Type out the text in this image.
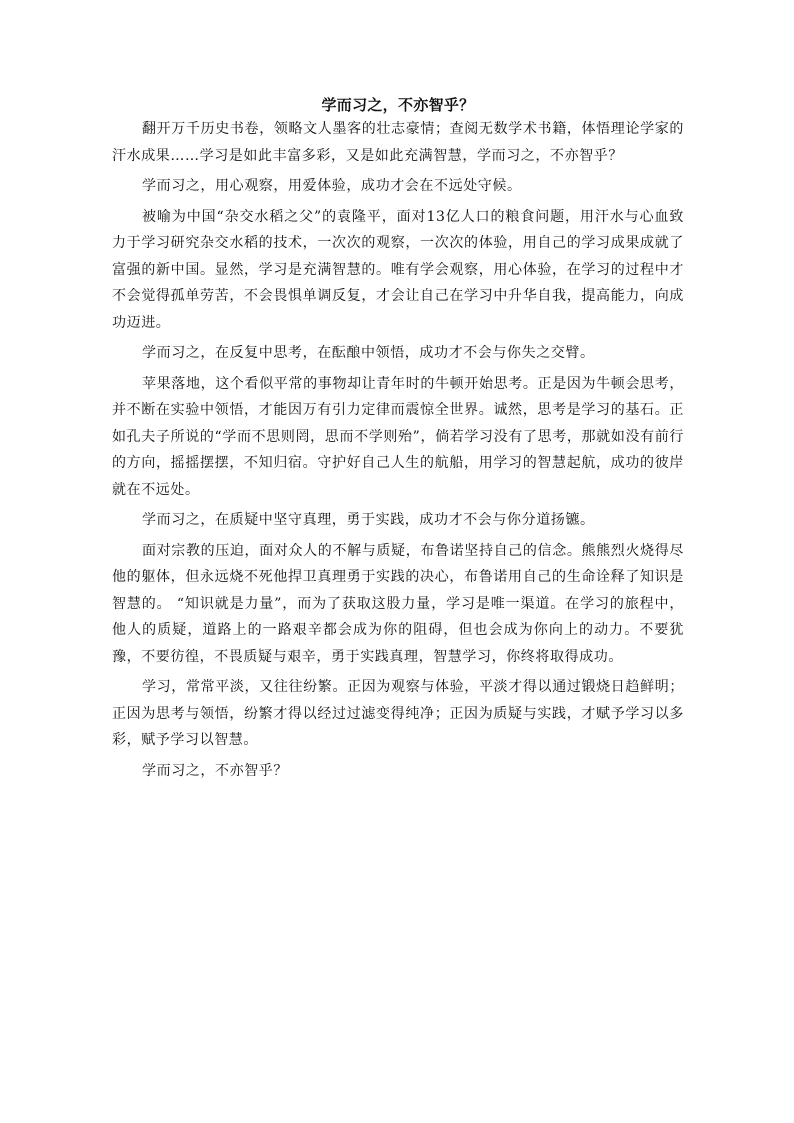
学而习之，不亦智乎？

翻开万千历史书卷，领略文人墨客的壮志豪情；查阅无数学术书籍，体悟理论学家的汗水成果……学习是如此丰富多彩，又是如此充满智慧，学而习之，不亦智乎？

学而习之，用心观察，用爱体验，成功才会在不远处守候。

被喻为中国“杂交水稻之父”的袁隆平，面对13亿人口的粮食问题，用汗水与心血致力于学习研究杂交水稻的技术，一次次的观察，一次次的体验，用自己的学习成果成就了富强的新中国。显然，学习是充满智慧的。唯有学会观察，用心体验，在学习的过程中才不会觉得孤单劳苦，不会畏惧单调反复，才会让自己在学习中升华自我，提高能力，向成功迈进。

学而习之，在反复中思考，在酝酿中领悟，成功才不会与你失之交臂。

苹果落地，这个看似平常的事物却让青年时的牛顿开始思考。正是因为牛顿会思考，并不断在实验中领悟，才能因万有引力定律而震惊全世界。诚然，思考是学习的基石。正如孔夫子所说的“学而不思则罔，思而不学则殆”，倘若学习没有了思考，那就如没有前行的方向，摇摇摆摆，不知归宿。守护好自己人生的航船，用学习的智慧起航，成功的彼岸就在不远处。

学而习之，在质疑中坚守真理，勇于实践，成功才不会与你分道扬镳。

面对宗教的压迫，面对众人的不解与质疑，布鲁诺坚持自己的信念。熊熊烈火烧得尽他的躯体，但永远烧不死他捍卫真理勇于实践的决心，布鲁诺用自己的生命诠释了知识是智慧的。 “知识就是力量”，而为了获取这股力量，学习是唯一渠道。在学习的旅程中，他人的质疑，道路上的一路艰辛都会成为你的阻碍，但也会成为你向上的动力。不要犹豫，不要彷徨，不畏质疑与艰辛，勇于实践真理，智慧学习，你终将取得成功。

学习，常常平淡，又往往纷繁。正因为观察与体验，平淡才得以通过锻烧日趋鲜明；正因为思考与领悟，纷繁才得以经过过滤变得纯净；正因为质疑与实践，才赋予学习以多彩，赋予学习以智慧。

学而习之，不亦智乎？
